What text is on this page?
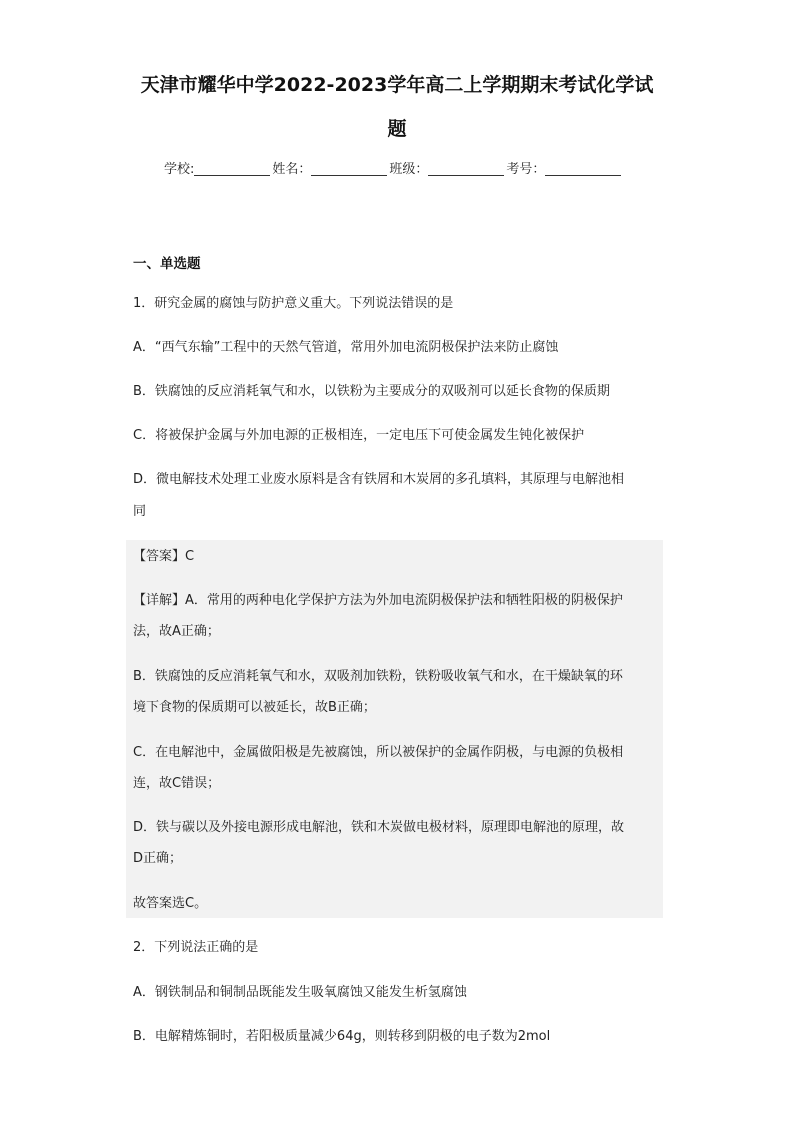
天津市耀华中学2022-2023学年高二上学期期末考试化学试
题
学校:	姓名：	班级：	考号：
一、单选题
1．研究金属的腐蚀与防护意义重大。下列说法错误的是
A．“西气东输”工程中的天然气管道，常用外加电流阴极保护法来防止腐蚀
B．铁腐蚀的反应消耗氧气和水，以铁粉为主要成分的双吸剂可以延长食物的保质期
C．将被保护金属与外加电源的正极相连，一定电压下可使金属发生钝化被保护
D．微电解技术处理工业废水原料是含有铁屑和木炭屑的多孔填料，其原理与电解池相
同
【答案】C
【详解】A．常用的两种电化学保护方法为外加电流阴极保护法和牺牲阳极的阴极保护
法，故A正确；
B．铁腐蚀的反应消耗氧气和水，双吸剂加铁粉，铁粉吸收氧气和水，在干燥缺氧的环
境下食物的保质期可以被延长，故B正确；
C．在电解池中，金属做阳极是先被腐蚀，所以被保护的金属作阴极，与电源的负极相
连，故C错误；
D．铁与碳以及外接电源形成电解池，铁和木炭做电极材料，原理即电解池的原理，故
D正确；
故答案选C。
2．下列说法正确的是
A．钢铁制品和铜制品既能发生吸氧腐蚀又能发生析氢腐蚀
B．电解精炼铜时，若阳极质量减少64g，则转移到阴极的电子数为2mol
